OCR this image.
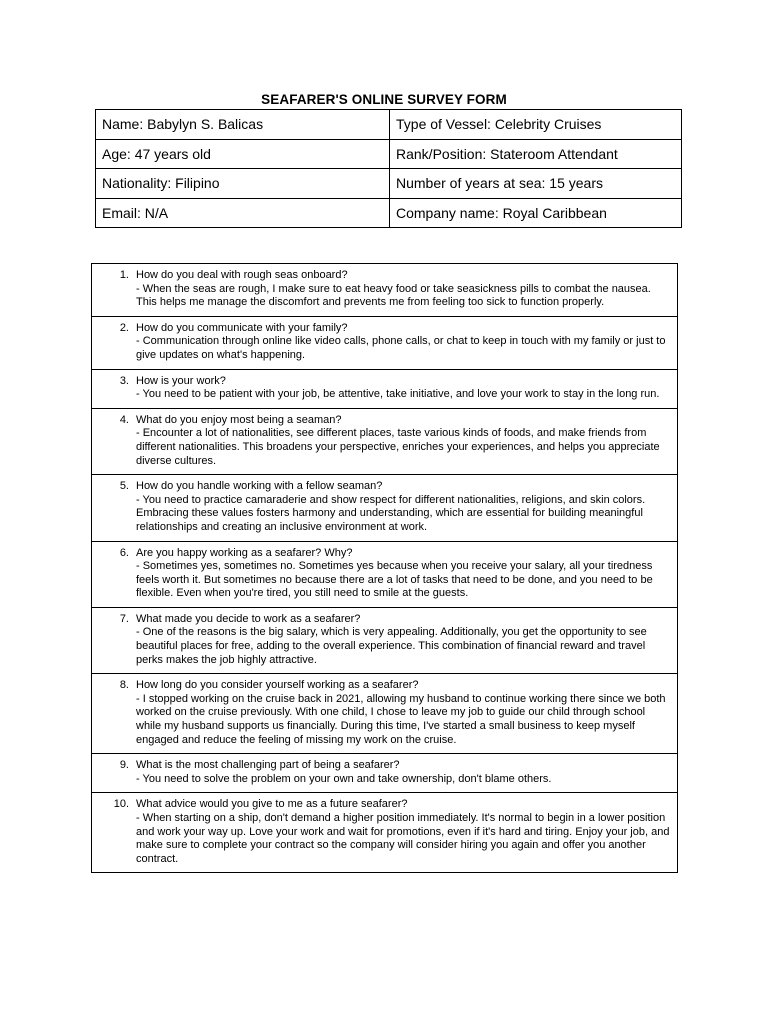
SEAFARER'S ONLINE SURVEY FORM
Name: Babylyn S. Balicas	Type of Vessel: Celebrity Cruises
Age: 47 years old	Rank/Position: Stateroom Attendant
Nationality: Filipino	Number of years at sea: 15 years
Email: N/A	Company name: Royal Caribbean
1. How do you deal with rough seas onboard?
- When the seas are rough, I make sure to eat heavy food or take seasickness pills to combat the nausea. This helps me manage the discomfort and prevents me from feeling too sick to function properly.

2. How do you communicate with your family?
- Communication through online like video calls, phone calls, or chat to keep in touch with my family or just to give updates on what's happening.

3. How is your work?
- You need to be patient with your job, be attentive, take initiative, and love your work to stay in the long run.

4. What do you enjoy most being a seaman?
- Encounter a lot of nationalities, see different places, taste various kinds of foods, and make friends from different nationalities. This broadens your perspective, enriches your experiences, and helps you appreciate diverse cultures.

5. How do you handle working with a fellow seaman?
- You need to practice camaraderie and show respect for different nationalities, religions, and skin colors. Embracing these values fosters harmony and understanding, which are essential for building meaningful relationships and creating an inclusive environment at work.

6. Are you happy working as a seafarer? Why?
- Sometimes yes, sometimes no. Sometimes yes because when you receive your salary, all your tiredness feels worth it. But sometimes no because there are a lot of tasks that need to be done, and you need to be flexible. Even when you're tired, you still need to smile at the guests.

7. What made you decide to work as a seafarer?
- One of the reasons is the big salary, which is very appealing. Additionally, you get the opportunity to see beautiful places for free, adding to the overall experience. This combination of financial reward and travel perks makes the job highly attractive.

8. How long do you consider yourself working as a seafarer?
- I stopped working on the cruise back in 2021, allowing my husband to continue working there since we both worked on the cruise previously. With one child, I chose to leave my job to guide our child through school while my husband supports us financially. During this time, I've started a small business to keep myself engaged and reduce the feeling of missing my work on the cruise.

9. What is the most challenging part of being a seafarer?
- You need to solve the problem on your own and take ownership, don't blame others.

10. What advice would you give to me as a future seafarer?
- When starting on a ship, don't demand a higher position immediately. It's normal to begin in a lower position and work your way up. Love your work and wait for promotions, even if it's hard and tiring. Enjoy your job, and make sure to complete your contract so the company will consider hiring you again and offer you another contract.
